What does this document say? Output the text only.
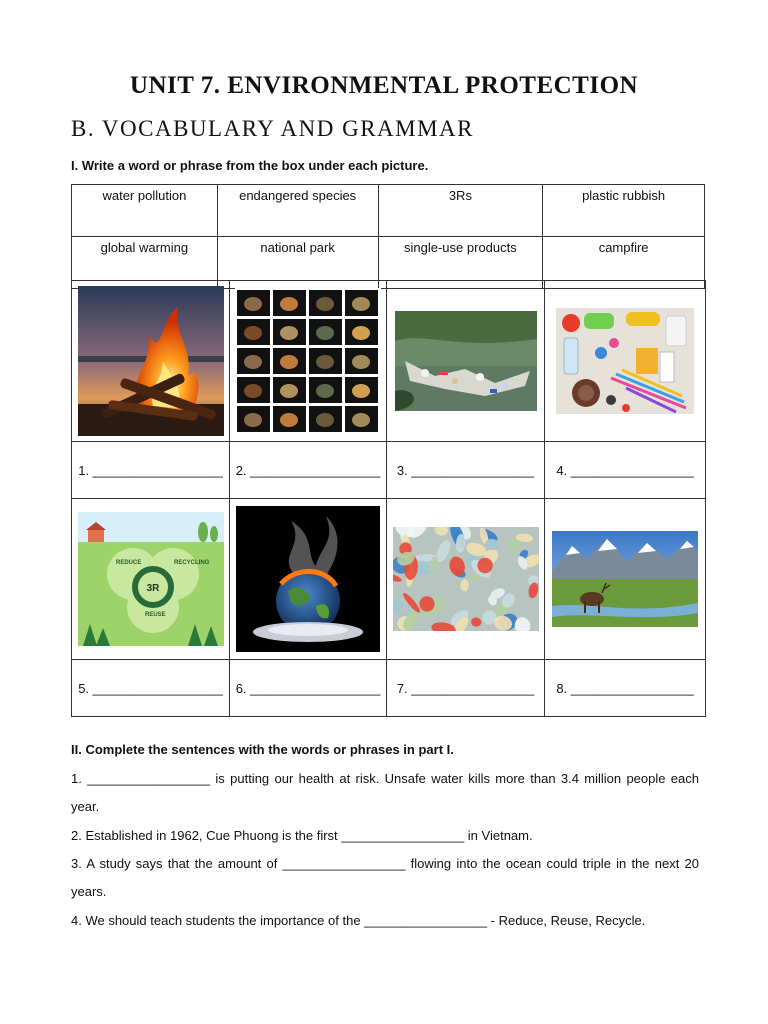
UNIT 7. ENVIRONMENTAL PROTECTION
B. VOCABULARY AND GRAMMAR
I. Write a word or phrase from the box under each picture.
water pollution	endangered species	3Rs	plastic rubbish
global warming	national park	single-use products	campfire

1. __________________	2. __________________	3. _________________	4. _________________

3R
REDUCE RECYCLING
REUSE

5. __________________	6. __________________	7. _________________	8. _________________
II. Complete the sentences with the words or phrases in part I.
1. _________________ is putting our health at risk. Unsafe water kills more than 3.4 million people each year.
2. Established in 1962, Cue Phuong is the first _________________ in Vietnam.
3. A study says that the amount of _________________ flowing into the ocean could triple in the next 20 years.
4. We should teach students the importance of the _________________ - Reduce, Reuse, Recycle.
